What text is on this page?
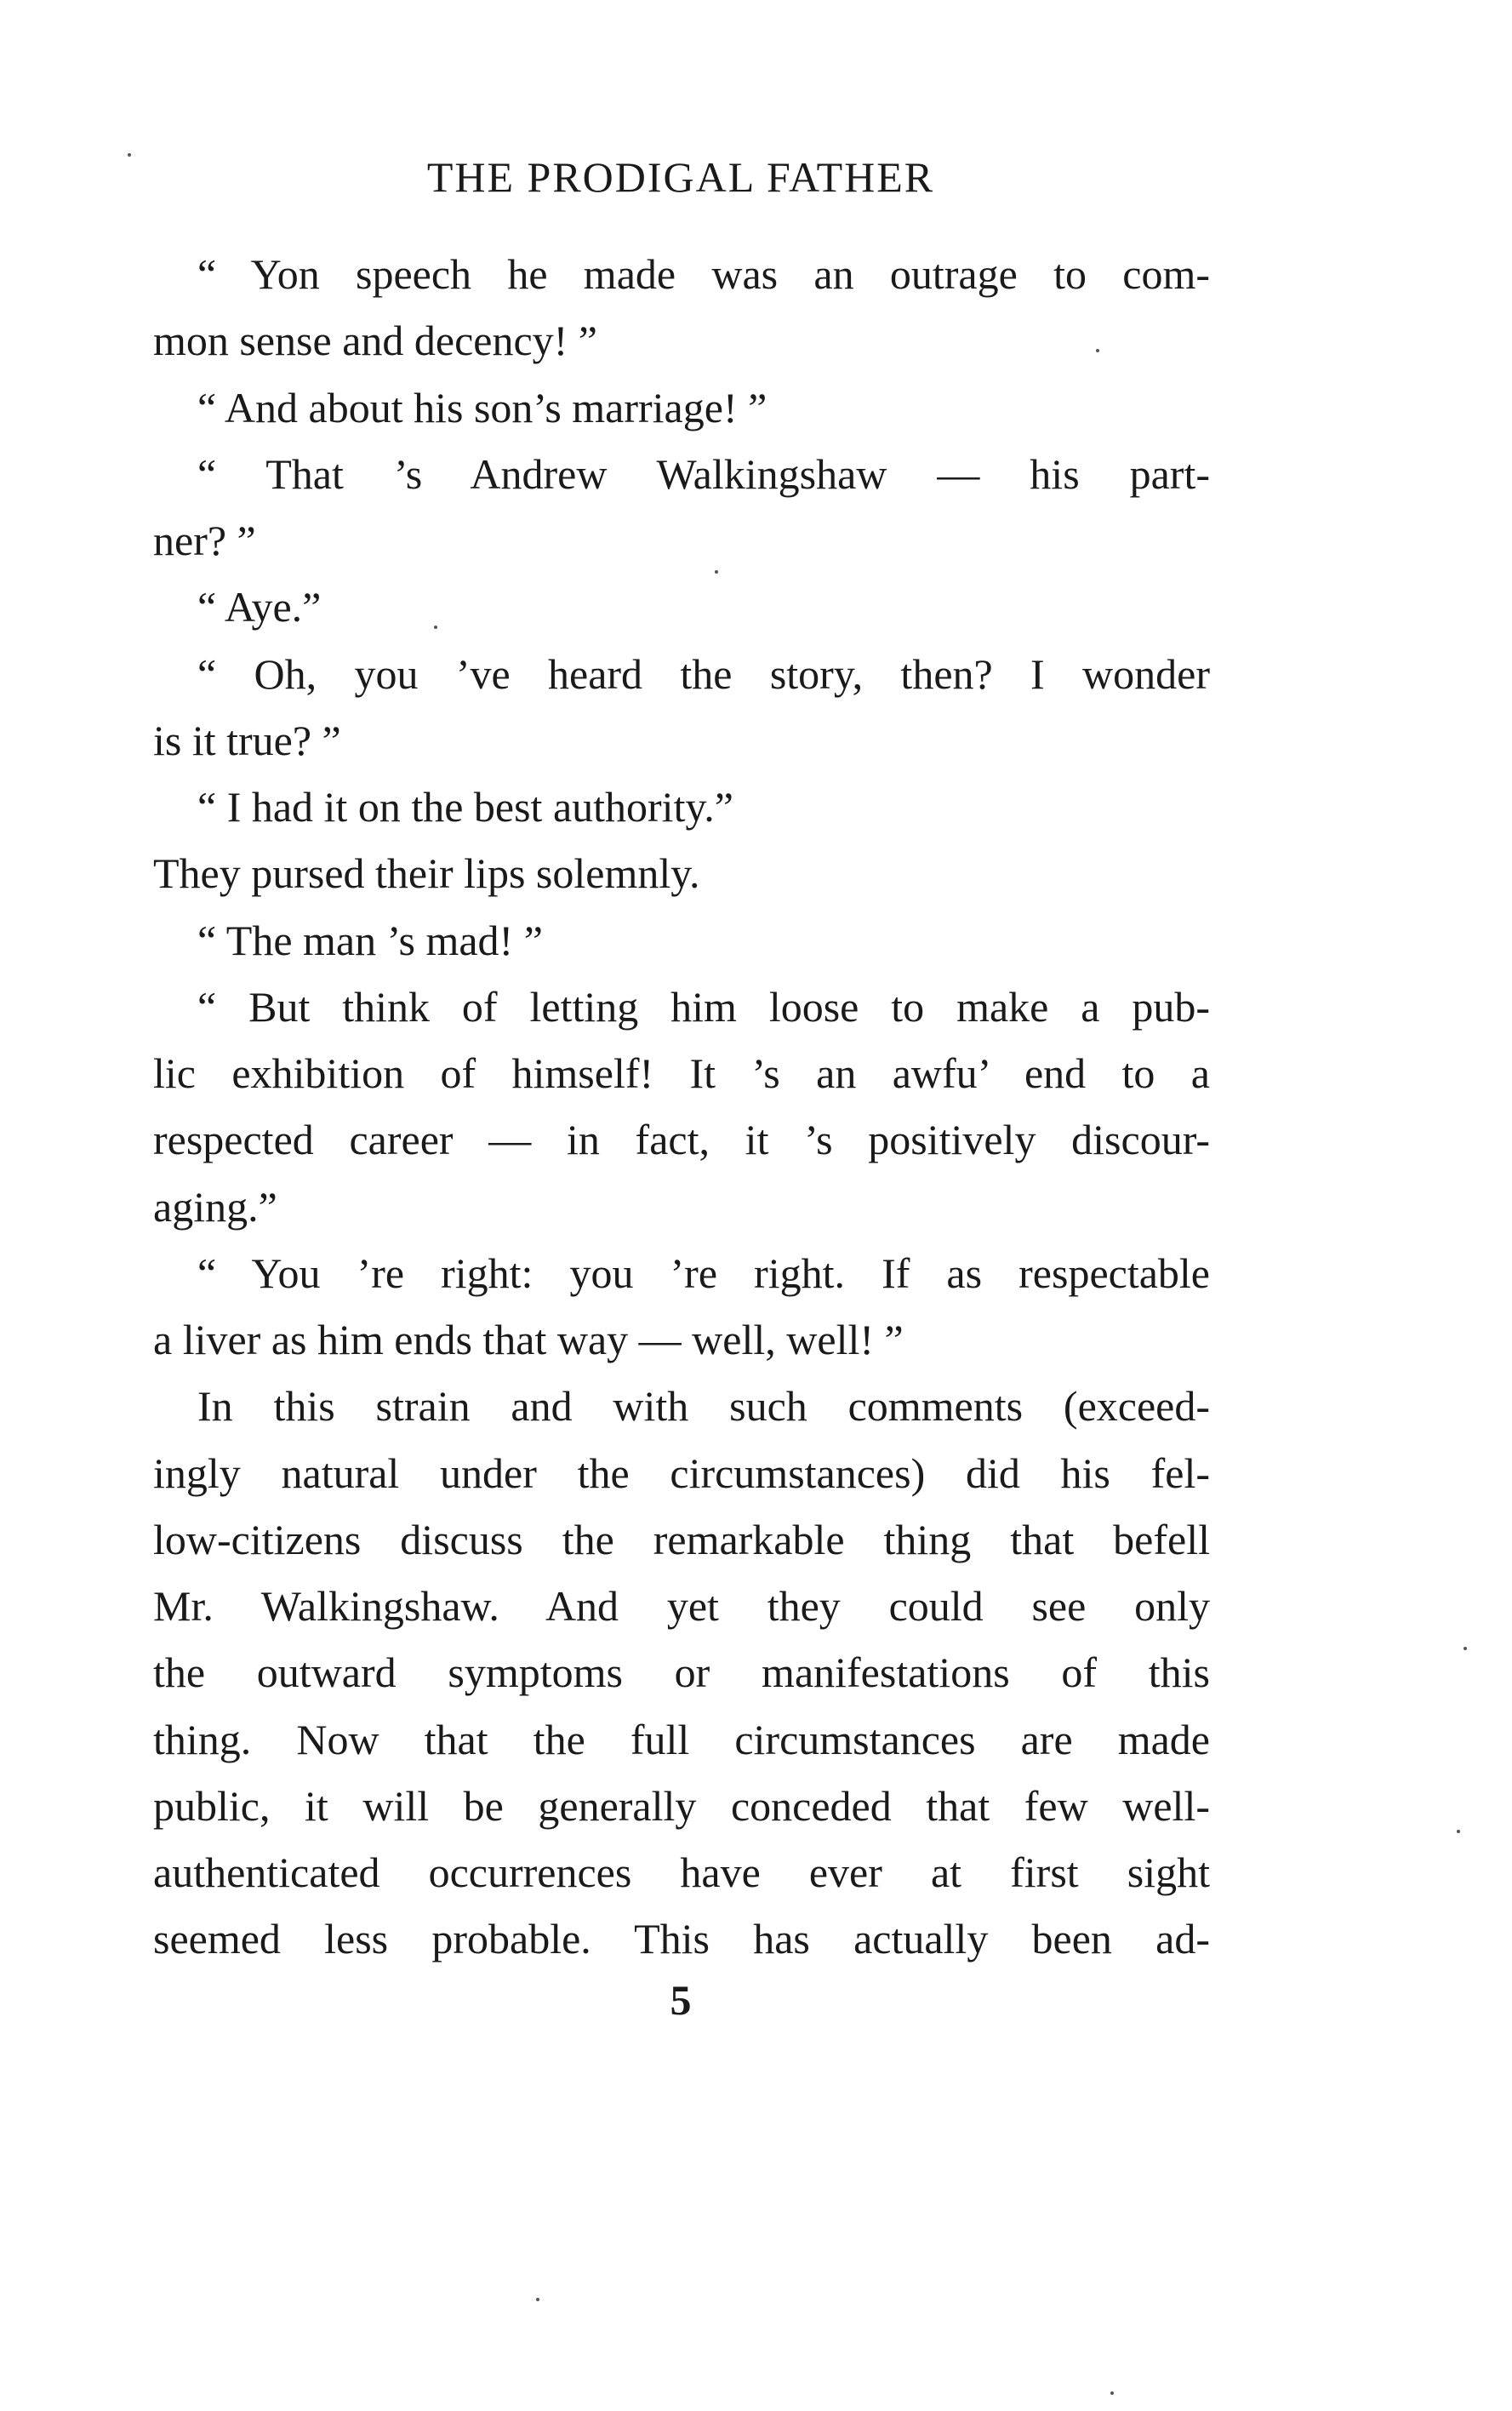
THE PRODIGAL FATHER
“ Yon speech he made was an outrage to com-
mon sense and decency! ”
“ And about his son’s marriage! ”
“ That ’s Andrew Walkingshaw — his part-
ner? ”
“ Aye.”
“ Oh, you ’ve heard the story, then? I wonder
is it true? ”
“ I had it on the best authority.”
They pursed their lips solemnly.
“ The man ’s mad! ”
“ But think of letting him loose to make a pub-
lic exhibition of himself! It ’s an awfu’ end to a
respected career — in fact, it ’s positively discour-
aging.”
“ You ’re right: you ’re right. If as respectable
a liver as him ends that way — well, well! ”
In this strain and with such comments (exceed-
ingly natural under the circumstances) did his fel-
low-citizens discuss the remarkable thing that befell
Mr. Walkingshaw. And yet they could see only
the outward symptoms or manifestations of this
thing. Now that the full circumstances are made
public, it will be generally conceded that few well-
authenticated occurrences have ever at first sight
seemed less probable. This has actually been ad-
5
